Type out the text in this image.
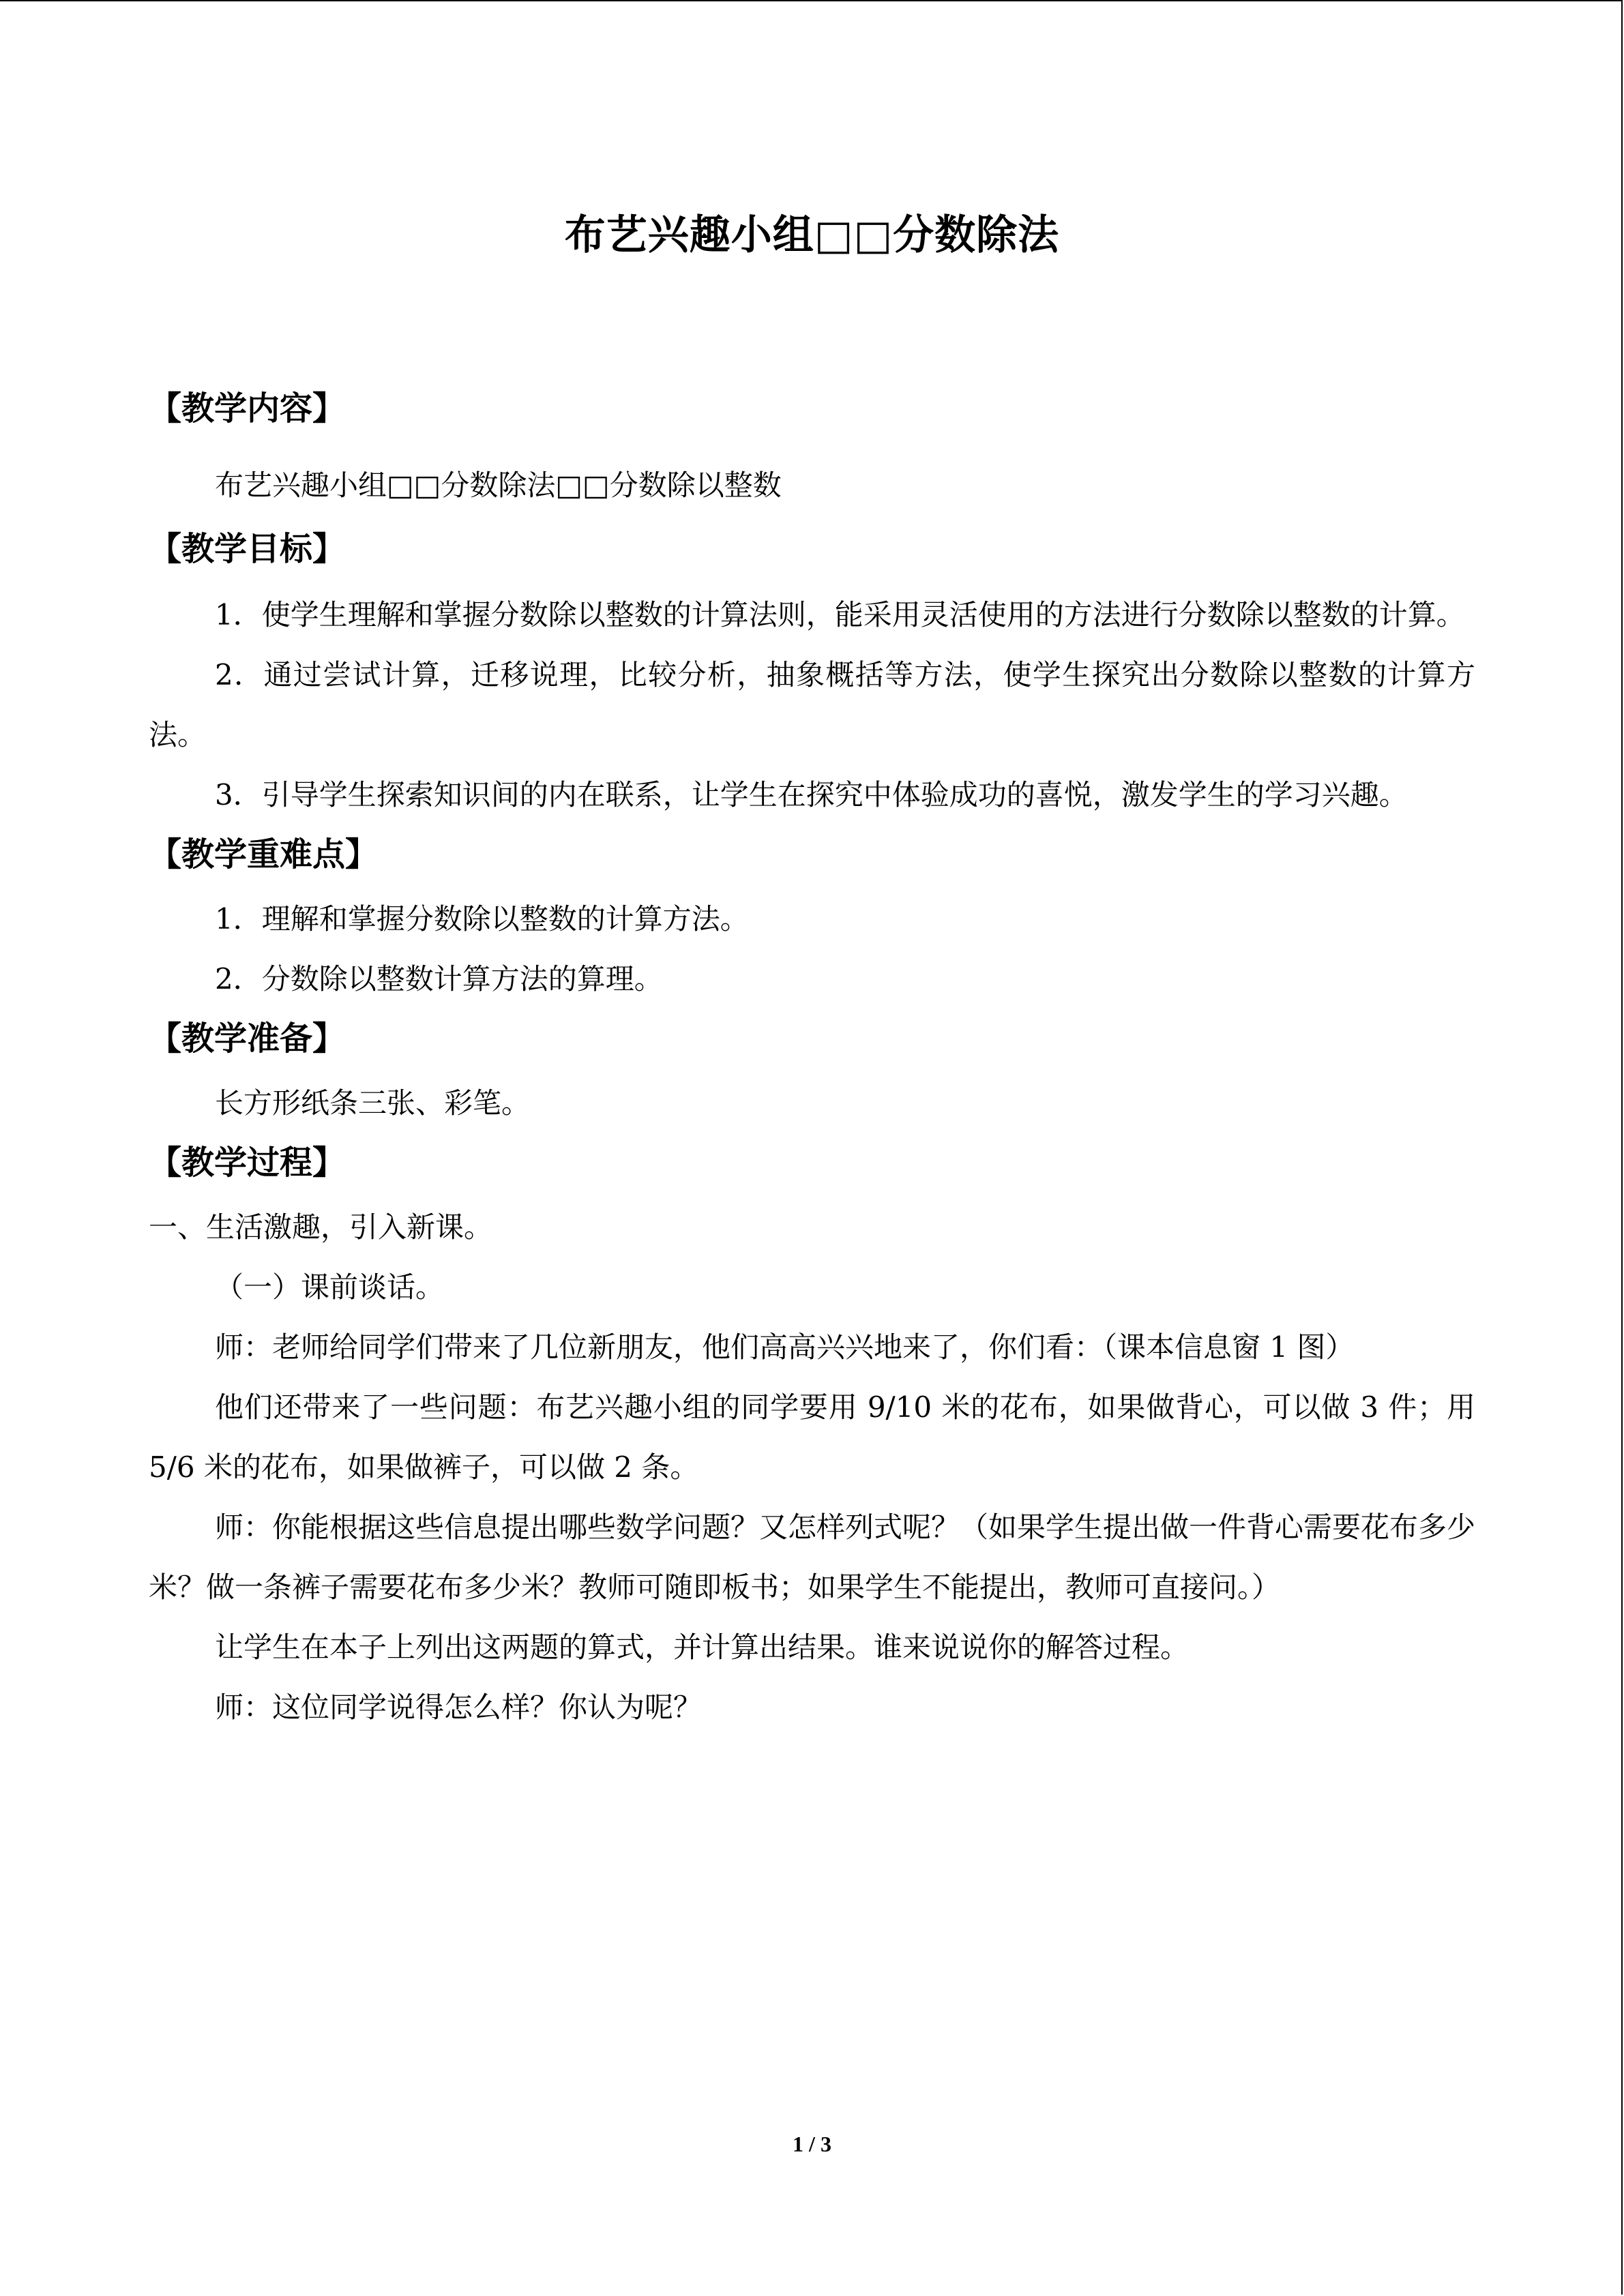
布艺兴趣小组□□分数除法
【教学内容】

布艺兴趣小组□□分数除法□□分数除以整数

【教学目标】

1．使学生理解和掌握分数除以整数的计算法则，能采用灵活使用的方法进行分数除以整数的计算。

2．通过尝试计算，迁移说理，比较分析，抽象概括等方法，使学生探究出分数除以整数的计算方法。

3．引导学生探索知识间的内在联系，让学生在探究中体验成功的喜悦，激发学生的学习兴趣。

【教学重难点】

1．理解和掌握分数除以整数的计算方法。

2．分数除以整数计算方法的算理。

【教学准备】

长方形纸条三张、彩笔。

【教学过程】

一、生活激趣，引入新课。

（一）课前谈话。

师：老师给同学们带来了几位新朋友，他们高高兴兴地来了，你们看：（课本信息窗 1 图）

他们还带来了一些问题：布艺兴趣小组的同学要用 9/10 米的花布，如果做背心，可以做 3 件；用 5/6 米的花布，如果做裤子，可以做 2 条。

师：你能根据这些信息提出哪些数学问题？又怎样列式呢？（如果学生提出做一件背心需要花布多少米？做一条裤子需要花布多少米？教师可随即板书；如果学生不能提出，教师可直接问。）

让学生在本子上列出这两题的算式，并计算出结果。谁来说说你的解答过程。

师：这位同学说得怎么样？你认为呢？

1 / 3
